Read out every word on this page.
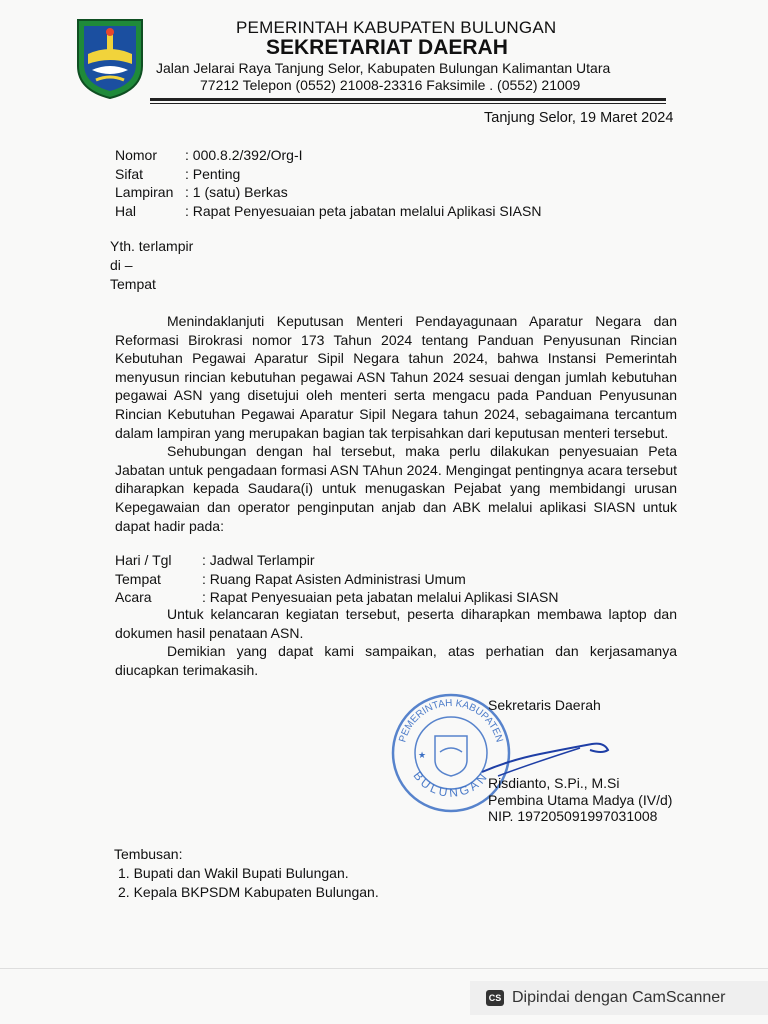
PEMERINTAH KABUPATEN BULUNGAN
SEKRETARIAT DAERAH
Jalan Jelarai Raya Tanjung Selor, Kabupaten Bulungan Kalimantan Utara
77212 Telepon (0552) 21008-23316 Faksimile . (0552) 21009
Tanjung Selor, 19 Maret 2024
Nomor	: 000.8.2/392/Org-I
Sifat	: Penting
Lampiran : 1 (satu) Berkas
Hal	: Rapat Penyesuaian peta jabatan melalui Aplikasi SIASN
Yth. terlampir
di –
Tempat

Menindaklanjuti Keputusan Menteri Pendayagunaan Aparatur Negara dan Reformasi Birokrasi nomor 173 Tahun 2024 tentang Panduan Penyusunan Rincian Kebutuhan Pegawai Aparatur Sipil Negara tahun 2024, bahwa Instansi Pemerintah menyusun rincian kebutuhan pegawai ASN Tahun 2024 sesuai dengan jumlah kebutuhan pegawai ASN yang disetujui oleh menteri serta mengacu pada Panduan Penyusunan Rincian Kebutuhan Pegawai Aparatur Sipil Negara tahun 2024, sebagaimana tercantum dalam lampiran yang merupakan bagian tak terpisahkan dari keputusan menteri tersebut.

Sehubungan dengan hal tersebut, maka perlu dilakukan penyesuaian Peta Jabatan untuk pengadaan formasi ASN TAhun 2024. Mengingat pentingnya acara tersebut diharapkan kepada Saudara(i) untuk menugaskan Pejabat yang membidangi urusan Kepegawaian dan operator penginputan anjab dan ABK melalui aplikasi SIASN untuk dapat hadir pada:

Hari / Tgl	: Jadwal Terlampir
Tempat	: Ruang Rapat Asisten Administrasi Umum
Acara	: Rapat Penyesuaian peta jabatan melalui Aplikasi SIASN

Untuk kelancaran kegiatan tersebut, peserta diharapkan membawa laptop dan dokumen hasil penataan ASN.

Demikian yang dapat kami sampaikan, atas perhatian dan kerjasamanya diucapkan terimakasih.

PEMERINTAH KABUPATEN
BULUNGAN
★
Sekretaris Daerah
Risdianto, S.Pi., M.Si
Pembina Utama Madya (IV/d)
NIP. 197205091997031008
Tembusan:
1. Bupati dan Wakil Bupati Bulungan.
2. Kepala BKPSDM Kabupaten Bulungan.
CS Dipindai dengan CamScanner
